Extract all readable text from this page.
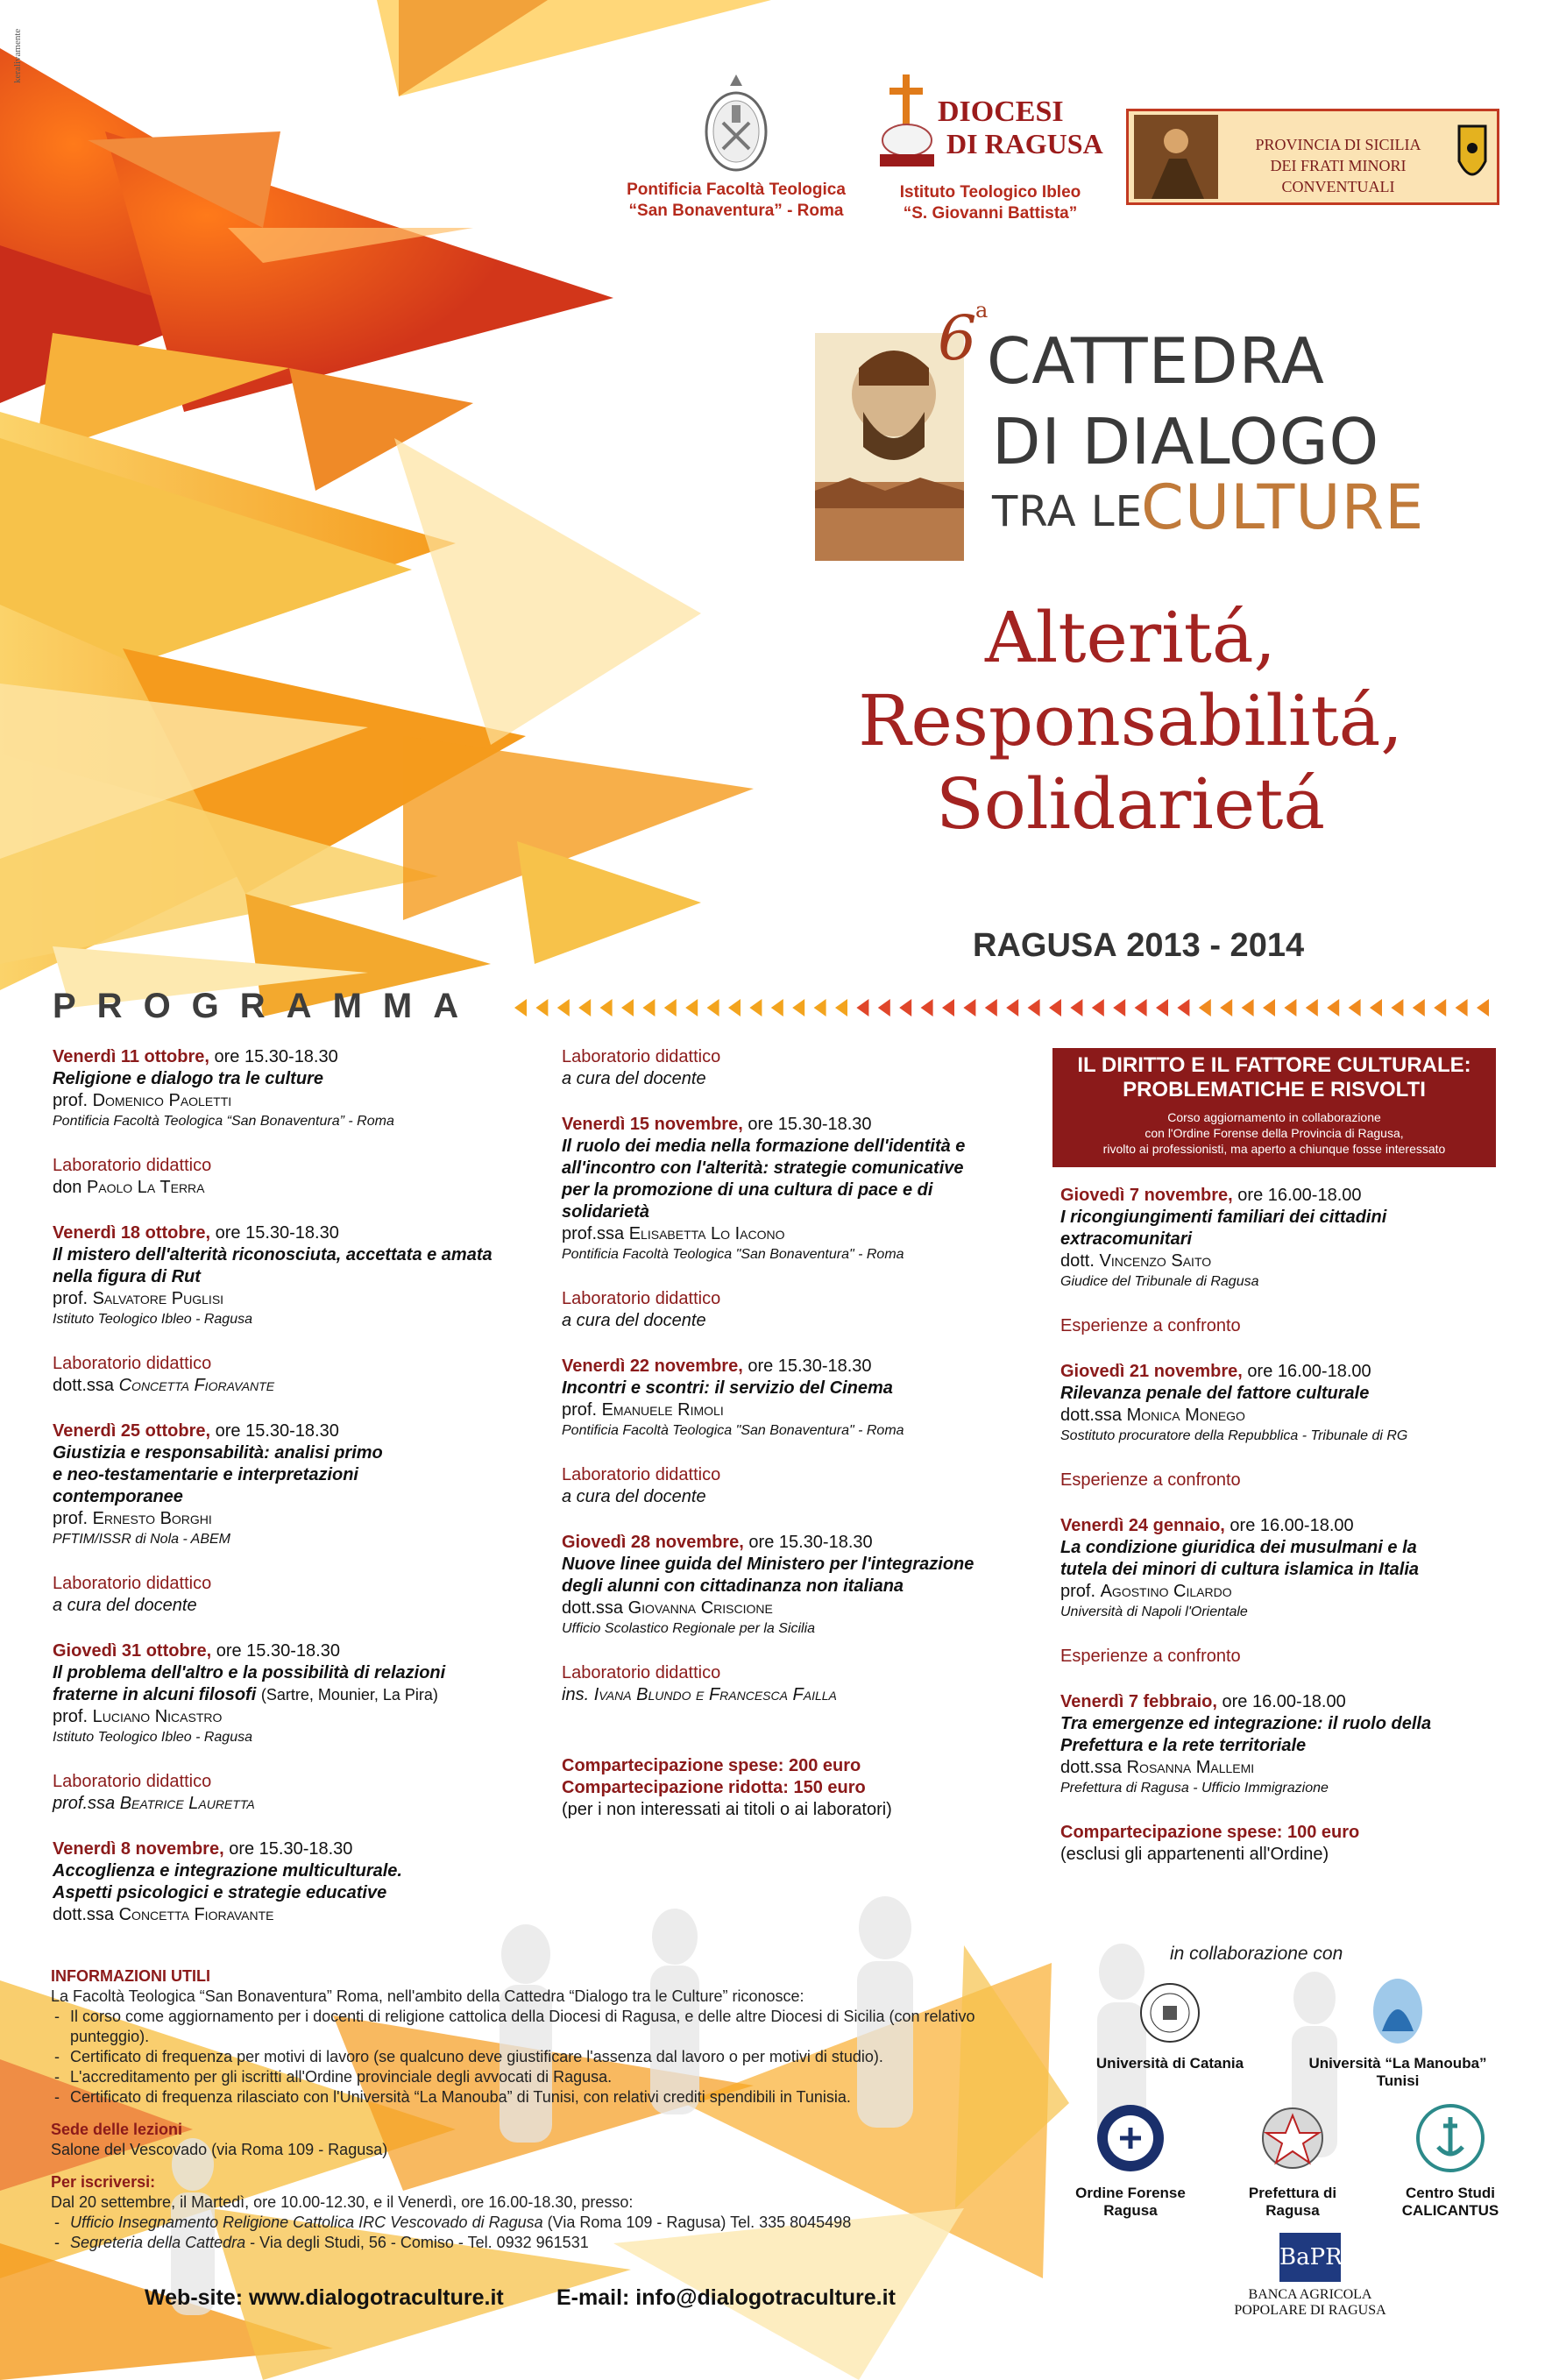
keralivamente
Pontificia Facoltà Teologica
“San Bonaventura” - Roma
DIOCESI
DI RAGUSA
Istituto Teologico Ibleo
“S. Giovanni Battista”
PROVINCIA DI SICILIA
DEI FRATI MINORI CONVENTUALI
6
a
CATTEDRA
DI DIALOGO
TRA LE
CULTURE
Alteritá,
Responsabilitá,
Solidarietá
RAGUSA 2013 - 2014
PROGRAMMA
Venerdì 11 ottobre, ore 15.30-18.30
Religione e dialogo tra le culture
prof. Domenico Paoletti
Pontificia Facoltà Teologica “San Bonaventura” - Roma
Laboratorio didattico
don Paolo La Terra
Venerdì 18 ottobre, ore 15.30-18.30
Il mistero dell'alterità riconosciuta, accettata e amata nella figura di Rut
prof. Salvatore Puglisi
Istituto Teologico Ibleo - Ragusa
Laboratorio didattico
dott.ssa Concetta Fioravante
Venerdì 25 ottobre, ore 15.30-18.30
Giustizia e responsabilità: analisi primo
e neo-testamentarie e interpretazioni
contemporanee
prof. Ernesto Borghi
PFTIM/ISSR di Nola - ABEM
Laboratorio didattico
a cura del docente
Giovedì 31 ottobre, ore 15.30-18.30
Il problema dell'altro e la possibilità di relazioni
fraterne in alcuni filosofi (Sartre, Mounier, La Pira)
prof. Luciano Nicastro
Istituto Teologico Ibleo - Ragusa
Laboratorio didattico
prof.ssa Beatrice Lauretta
Venerdì 8 novembre, ore 15.30-18.30
Accoglienza e integrazione multiculturale.
Aspetti psicologici e strategie educative
dott.ssa Concetta Fioravante
Laboratorio didattico
a cura del docente
Venerdì 15 novembre, ore 15.30-18.30
Il ruolo dei media nella formazione dell'identità e
all'incontro con l'alterità: strategie comunicative
per la promozione di una cultura di pace e di
solidarietà
prof.ssa Elisabetta Lo Iacono
Pontificia Facoltà Teologica "San Bonaventura" - Roma
Laboratorio didattico
a cura del docente
Venerdì 22 novembre, ore 15.30-18.30
Incontri e scontri: il servizio del Cinema
prof. Emanuele Rimoli
Pontificia Facoltà Teologica "San Bonaventura" - Roma
Laboratorio didattico
a cura del docente
Giovedì 28 novembre, ore 15.30-18.30
Nuove linee guida del Ministero per l'integrazione
degli alunni con cittadinanza non italiana
dott.ssa Giovanna Criscione
Ufficio Scolastico Regionale per la Sicilia
Laboratorio didattico
ins. Ivana Blundo e Francesca Failla
Compartecipazione spese: 200 euro
Compartecipazione ridotta: 150 euro
(per i non interessati ai titoli o ai laboratori)
IL DIRITTO E IL FATTORE CULTURALE:
PROBLEMATICHE E RISVOLTI
Corso aggiornamento in collaborazione
con l'Ordine Forense della Provincia di Ragusa,
rivolto ai professionisti, ma aperto a chiunque fosse interessato
Giovedì 7 novembre, ore 16.00-18.00
I ricongiungimenti familiari dei cittadini
extracomunitari
dott. Vincenzo Saito
Giudice del Tribunale di Ragusa
Esperienze a confronto
Giovedì 21 novembre, ore 16.00-18.00
Rilevanza penale del fattore culturale
dott.ssa Monica Monego
Sostituto procuratore della Repubblica - Tribunale di RG
Esperienze a confronto
Venerdì 24 gennaio, ore 16.00-18.00
La condizione giuridica dei musulmani e la
tutela dei minori di cultura islamica in Italia
prof. Agostino Cilardo
Università di Napoli l'Orientale
Esperienze a confronto
Venerdì 7 febbraio, ore 16.00-18.00
Tra emergenze ed integrazione: il ruolo della
Prefettura e la rete territoriale
dott.ssa Rosanna Mallemi
Prefettura di Ragusa - Ufficio Immigrazione
Compartecipazione spese: 100 euro
(esclusi gli appartenenti all'Ordine)
INFORMAZIONI UTILI
La Facoltà Teologica “San Bonaventura” Roma, nell'ambito della Cattedra “Dialogo tra le Culture” riconosce:
- Il corso come aggiornamento per i docenti di religione cattolica della Diocesi di Ragusa, e delle altre Diocesi di Sicilia (con relativo punteggio).
- Certificato di frequenza per motivi di lavoro (se qualcuno deve giustificare l'assenza dal lavoro o per motivi di studio).
- L'accreditamento per gli iscritti all'Ordine provinciale degli avvocati di Ragusa.
- Certificato di frequenza rilasciato con l'Università “La Manouba” di Tunisi, con relativi crediti spendibili in Tunisia.
Sede delle lezioni
Salone del Vescovado (via Roma 109 - Ragusa)
Per iscriversi:
Dal 20 settembre, il Martedì, ore 10.00-12.30, e il Venerdì, ore 16.00-18.30, presso:
- Ufficio Insegnamento Religione Cattolica IRC Vescovado di Ragusa (Via Roma 109 - Ragusa) Tel. 335 8045498
- Segreteria della Cattedra - Via degli Studi, 56 - Comiso - Tel. 0932 961531
Web-site: www.dialogotraculture.it E-mail: info@dialogotraculture.it
in collaborazione con
Università di Catania	Università “La Manouba”
Tunisi
Ordine Forense
Ragusa
Prefettura di
Ragusa
Centro Studi
CALICANTUS
BaPR
BANCA AGRICOLA
POPOLARE DI RAGUSA
